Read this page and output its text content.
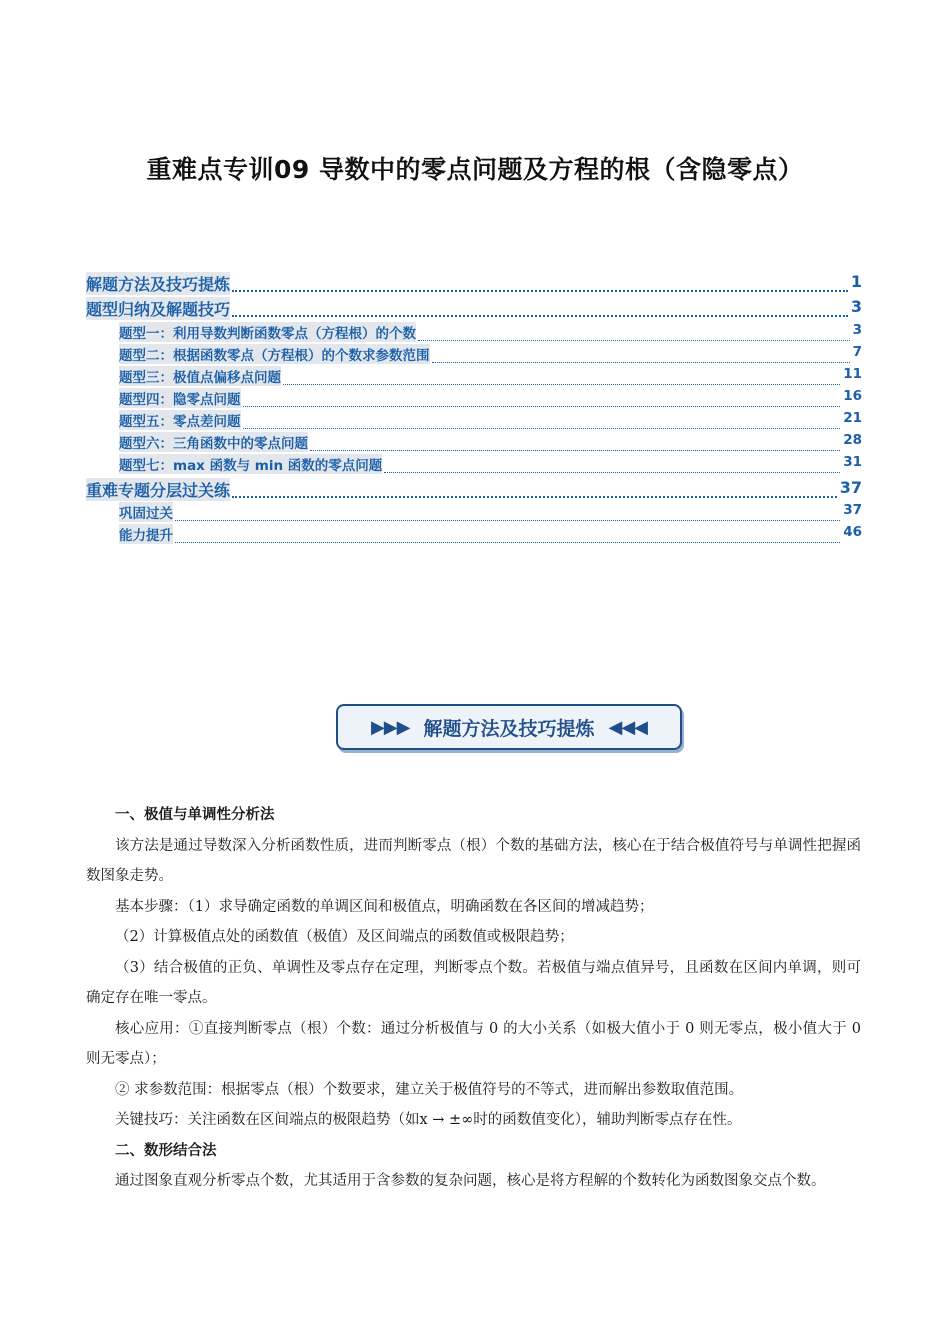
重难点专训09 导数中的零点问题及方程的根（含隐零点）
解题方法及技巧提炼	1
题型归纳及解题技巧	3
题型一：利用导数判断函数零点（方程根）的个数	3
题型二：根据函数零点（方程根）的个数求参数范围	7
题型三：极值点偏移点问题	11
题型四：隐零点问题	16
题型五：零点差问题	21
题型六：三角函数中的零点问题	28
题型七：max 函数与 min 函数的零点问题	31
重难专题分层过关练	37
巩固过关	37
能力提升	46
▶▶▶ 解题方法及技巧提炼 ◀◀◀

一、极值与单调性分析法

该方法是通过导数深入分析函数性质，进而判断零点（根）个数的基础方法，核心在于结合极值符号与单调性把握函数图象走势。

基本步骤：（1）求导确定函数的单调区间和极值点，明确函数在各区间的增减趋势；

（2）计算极值点处的函数值（极值）及区间端点的函数值或极限趋势；

（3）结合极值的正负、单调性及零点存在定理，判断零点个数。若极值与端点值异号，且函数在区间内单调，则可确定存在唯一零点。

核心应用：①直接判断零点（根）个数：通过分析极值与 0 的大小关系（如极大值小于 0 则无零点，极小值大于 0 则无零点）；

② 求参数范围：根据零点（根）个数要求，建立关于极值符号的不等式，进而解出参数取值范围。

关键技巧：关注函数在区间端点的极限趋势（如x → ±∞时的函数值变化），辅助判断零点存在性。

二、数形结合法

通过图象直观分析零点个数，尤其适用于含参数的复杂问题，核心是将方程解的个数转化为函数图象交点个数。
